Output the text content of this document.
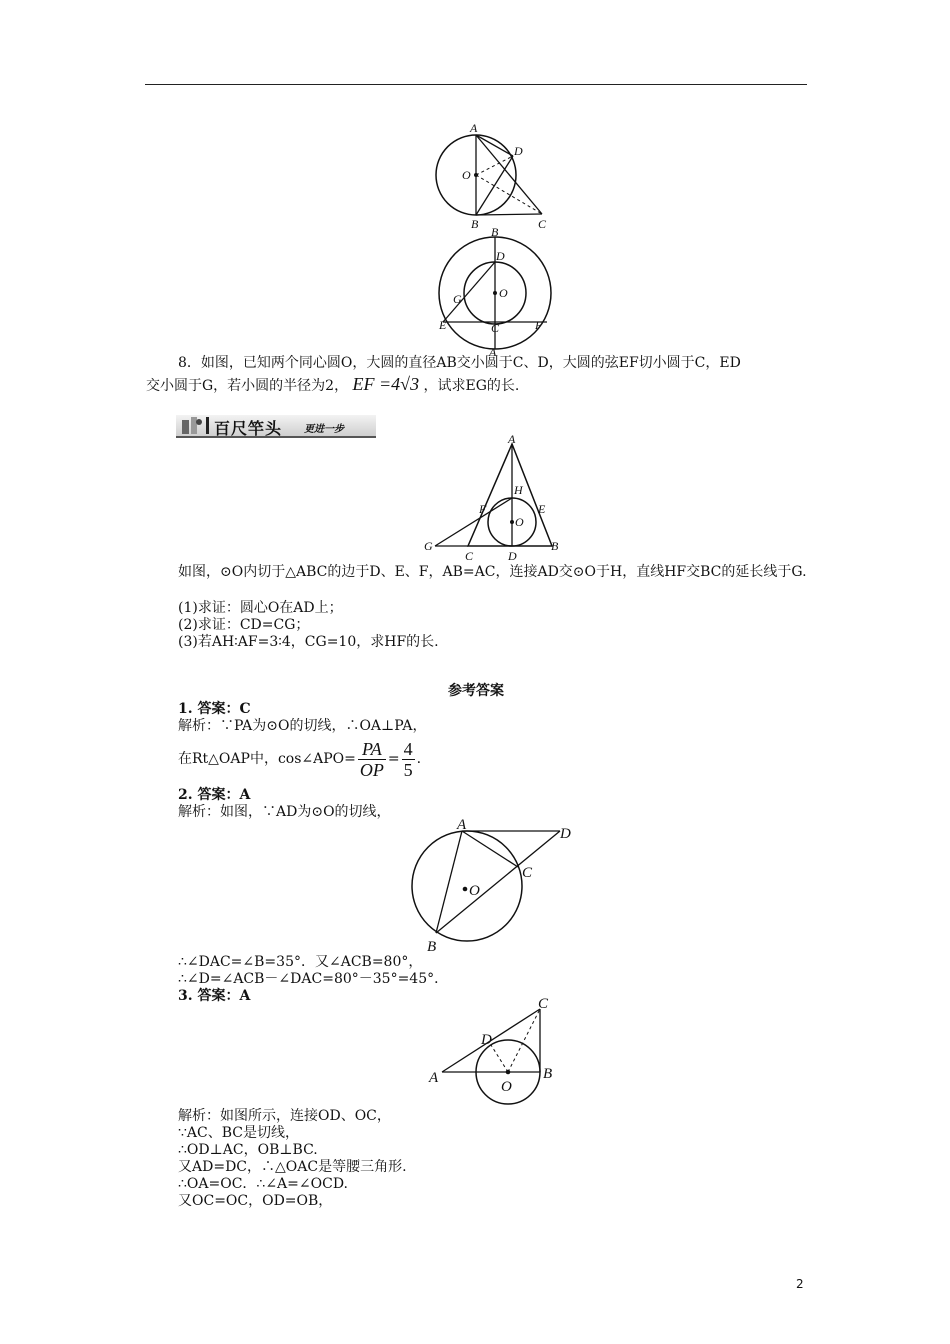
A
D
O
B	C
B
D
O
G
E	C	F
A
8．如图，已知两个同心圆O，大圆的直径AB交小圆于C、D，大圆的弦EF切小圆于C，ED
交小圆于G，若小圆的半径为2， EF =4√3 ，试求EG的长.
百尺竿头 更进一步
A
H
F	E
O
G
C	D
B
如图，⊙O内切于△ABC的边于D、E、F，AB=AC，连接AD交⊙O于H，直线HF交BC的延长线于G.
(1)求证：圆心O在AD上；
(2)求证：CD=CG；
(3)若AH∶AF=3∶4，CG=10，求HF的长.
参考答案
1. 答案：C
解析：∵PA为⊙O的切线，∴OA⊥PA，
在Rt△OAP中，cos∠APO= $\frac{PA}{OP} = \frac{4}{5}$ .
2. 答案：A
解析：如图，∵AD为⊙O的切线，
A
D
C
O
B
∴∠DAC=∠B=35°．又∠ACB=80°，
∴∠D=∠ACB－∠DAC=80°－35°=45°．
3. 答案：A	C
D
A	B
O
解析：如图所示，连接OD、OC，
∵AC、BC是切线，
∴OD⊥AC，OB⊥BC.
又AD=DC，∴△OAC是等腰三角形.
∴OA=OC．∴∠A=∠OCD.
又OC=OC，OD=OB，
2
